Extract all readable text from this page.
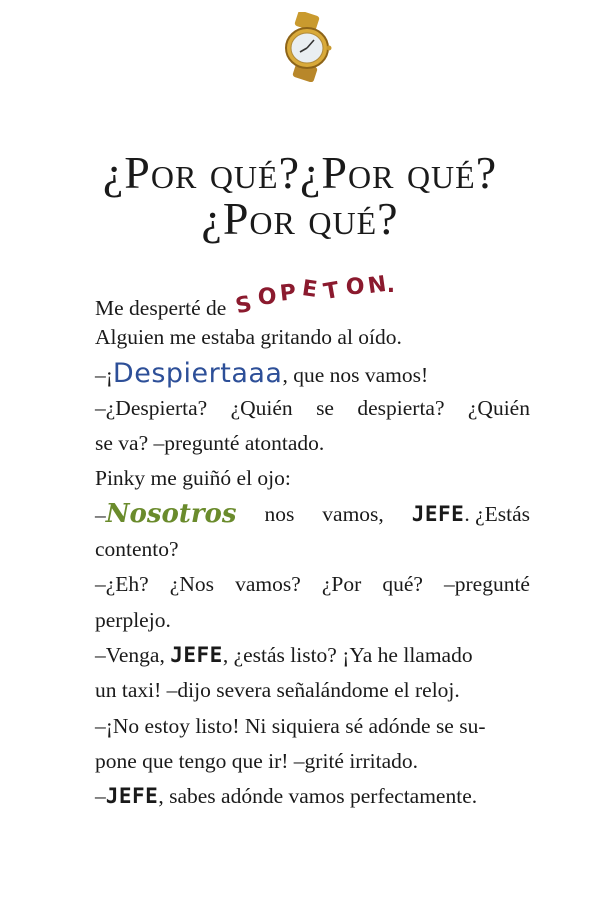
¿Por qué?¿Por qué?
¿Por qué?
Me desperté de S O P E T O N
.
Alguien me estaba gritando al oído.
–¡Despiertaaa, que nos vamos!
–¿Despierta? ¿Quién se despierta? ¿Quién
se va? –pregunté atontado.
Pinky me guiñó el ojo:
–Nosotros nos vamos, JEFE. ¿Estás
contento?
–¿Eh? ¿Nos vamos? ¿Por qué? –pregunté
perplejo.
–Venga, JEFE, ¿estás listo? ¡Ya he llamado
un taxi! –dijo severa señalándome el reloj.
–¡No estoy listo! Ni siquiera sé adónde se su-
pone que tengo que ir! –grité irritado.
–JEFE, sabes adónde vamos perfectamente.
